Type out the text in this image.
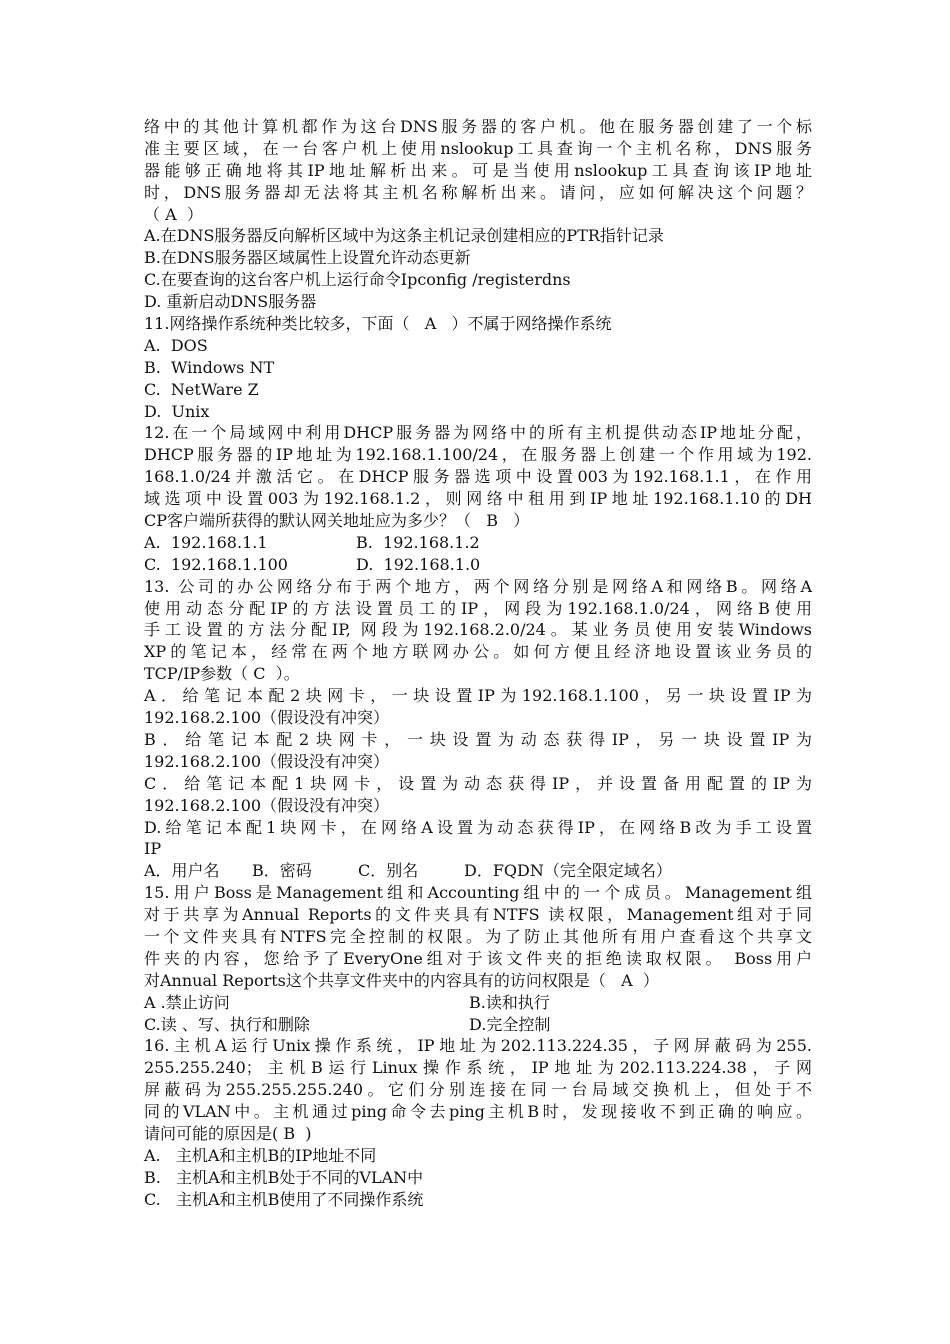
络中的其他计算机都作为这台DNS服务器的客户机。他在服务器创建了一个标
准主要区域，在一台客户机上使用nslookup工具查询一个主机名称，DNS服务
器能够正确地将其IP地址解析出来。可是当使用nslookup工具查询该IP地址
时，DNS服务器却无法将其主机名称解析出来。请问，应如何解决这个问题？
（ A  ）
A.在DNS服务器反向解析区域中为这条主机记录创建相应的PTR指针记录
B.在DNS服务器区域属性上设置允许动态更新
C.在要查询的这台客户机上运行命令Ipconfig /registerdns
D. 重新启动DNS服务器
11.网络操作系统种类比较多，下面（   A   ）不属于网络操作系统
A.  DOS
B.  Windows NT
C.  NetWare Z
D.  Unix
12.在一个局域网中利用DHCP服务器为网络中的所有主机提供动态IP地址分配，
DHCP服务器的IP地址为192.168.1.100/24，在服务器上创建一个作用域为192.
168.1.0/24并激活它。在DHCP服务器选项中设置003为192.168.1.1，在作用
域选项中设置003为192.168.1.2，则网络中租用到IP地址192.168.1.10的DH
CP客户端所获得的默认网关地址应为多少？（   B   ）
A.  192.168.1.1	B.  192.168.1.2
C.  192.168.1.100	D.  192.168.1.0
13. 公司的办公网络分布于两个地方，两个网络分别是网络A和网络B。网络A
使用动态分配IP的方法设置员工的IP，网段为192.168.1.0/24，网络B使用
手工设置的方法分配IP, 网段为192.168.2.0/24。某业务员使用安装Windows
XP的笔记本，经常在两个地方联网办公。如何方便且经济地设置该业务员的
TCP/IP参数（ C  ）。
A．给笔记本配2块网卡，一块设置IP为192.168.1.100，另一块设置IP为
192.168.2.100（假设没有冲突）
B．给笔记本配2块网卡，一块设置为动态获得IP，另一块设置IP为
192.168.2.100（假设没有冲突）
C．给笔记本配1块网卡，设置为动态获得IP，并设置备用配置的IP为
192.168.2.100（假设没有冲突）
D.给笔记本配1块网卡，在网络A设置为动态获得IP，在网络B改为手工设置
IP
A．用户名	B．密码	C．别名	D．FQDN（完全限定域名）
15.用户Boss是Management组和Accounting组中的一个成员。Management组
对于共享为Annual Reports的文件夹具有NTFS 读权限，Management组对于同
一个文件夹具有NTFS完全控制的权限。为了防止其他所有用户查看这个共享文
件夹的内容，您给予了EveryOne组对于该文件夹的拒绝读取权限。 Boss用户
对Annual Reports这个共享文件夹中的内容具有的访问权限是（   A  ）
A .禁止访问	B.读和执行
C.读 、写、执行和删除	D.完全控制
16.主机A运行Unix操作系统，IP地址为202.113.224.35，子网屏蔽码为255.
255.255.240；主机B运行Linux操作系统，IP地址为202.113.224.38，子网
屏蔽码为255.255.255.240。它们分别连接在同一台局域交换机上，但处于不
同的VLAN中。主机通过ping命令去ping主机B时，发现接收不到正确的响应。
请问可能的原因是( B  )
A.   主机A和主机B的IP地址不同
B.   主机A和主机B处于不同的VLAN中
C.   主机A和主机B使用了不同操作系统
